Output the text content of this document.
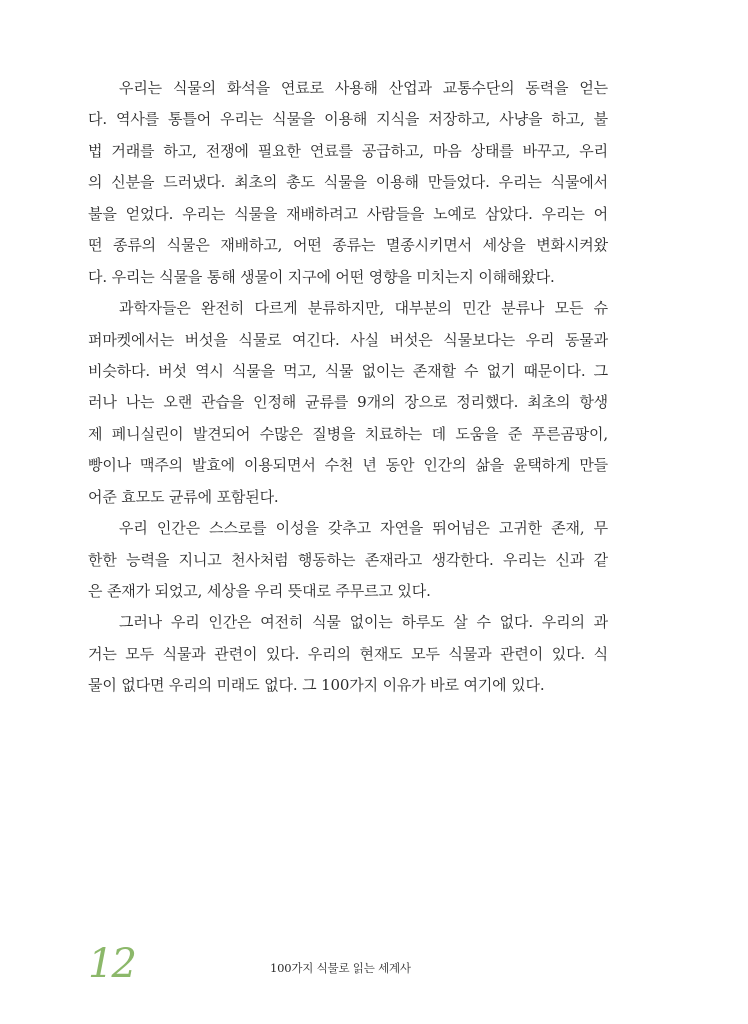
우리는 식물의 화석을 연료로 사용해 산업과 교통수단의 동력을 얻는
다. 역사를 통틀어 우리는 식물을 이용해 지식을 저장하고, 사냥을 하고, 불
법 거래를 하고, 전쟁에 필요한 연료를 공급하고, 마음 상태를 바꾸고, 우리
의 신분을 드러냈다. 최초의 총도 식물을 이용해 만들었다. 우리는 식물에서
불을 얻었다. 우리는 식물을 재배하려고 사람들을 노예로 삼았다. 우리는 어
떤 종류의 식물은 재배하고, 어떤 종류는 멸종시키면서 세상을 변화시켜왔
다. 우리는 식물을 통해 생물이 지구에 어떤 영향을 미치는지 이해해왔다.
과학자들은 완전히 다르게 분류하지만, 대부분의 민간 분류나 모든 슈
퍼마켓에서는 버섯을 식물로 여긴다. 사실 버섯은 식물보다는 우리 동물과
비슷하다. 버섯 역시 식물을 먹고, 식물 없이는 존재할 수 없기 때문이다. 그
러나 나는 오랜 관습을 인정해 균류를 9개의 장으로 정리했다. 최초의 항생
제 페니실린이 발견되어 수많은 질병을 치료하는 데 도움을 준 푸른곰팡이,
빵이나 맥주의 발효에 이용되면서 수천 년 동안 인간의 삶을 윤택하게 만들
어준 효모도 균류에 포함된다.
우리 인간은 스스로를 이성을 갖추고 자연을 뛰어넘은 고귀한 존재, 무
한한 능력을 지니고 천사처럼 행동하는 존재라고 생각한다. 우리는 신과 같
은 존재가 되었고, 세상을 우리 뜻대로 주무르고 있다.
그러나 우리 인간은 여전히 식물 없이는 하루도 살 수 없다. 우리의 과
거는 모두 식물과 관련이 있다. 우리의 현재도 모두 식물과 관련이 있다. 식
물이 없다면 우리의 미래도 없다. 그 100가지 이유가 바로 여기에 있다.
12	100가지 식물로 읽는 세계사
